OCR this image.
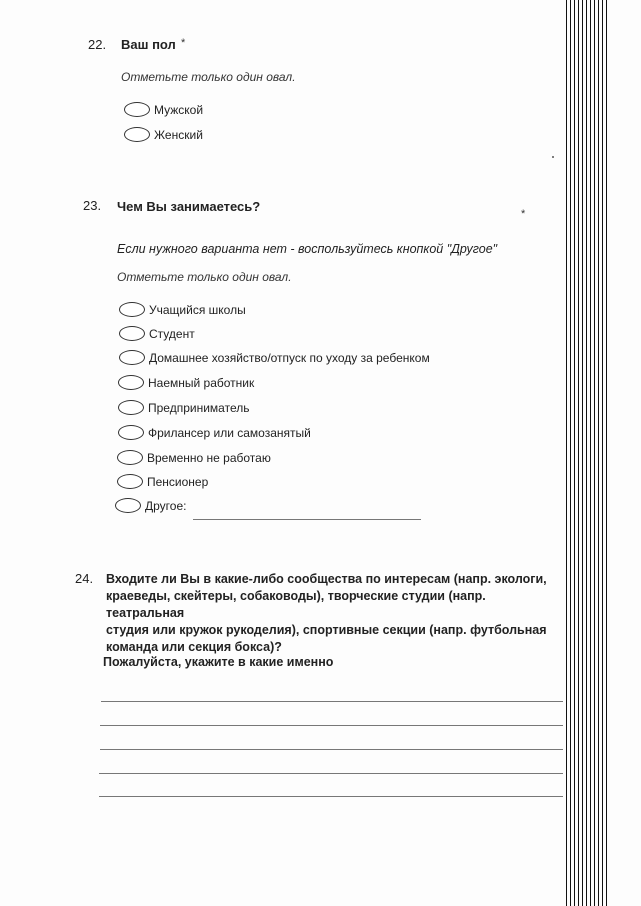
22. Ваш пол *
Отметьте только один овал.
Мужской
Женский
23. Чем Вы занимаетесь?	*
Если нужного варианта нет - воспользуйтесь кнопкой "Другое"
Отметьте только один овал.
Учащийся школы
Студент
Домашнее хозяйство/отпуск по уходу за ребенком
Наемный работник
Предприниматель
Фрилансер или самозанятый
Временно не работаю
Пенсионер
Другое:
24. Входите ли Вы в какие-либо сообщества по интересам (напр. экологи,
краеведы, скейтеры, собаководы), творческие студии (напр. театральная
студия или кружок рукоделия), спортивные секции (напр. футбольная
команда или секция бокса)?
Пожалуйста, укажите в какие именно
